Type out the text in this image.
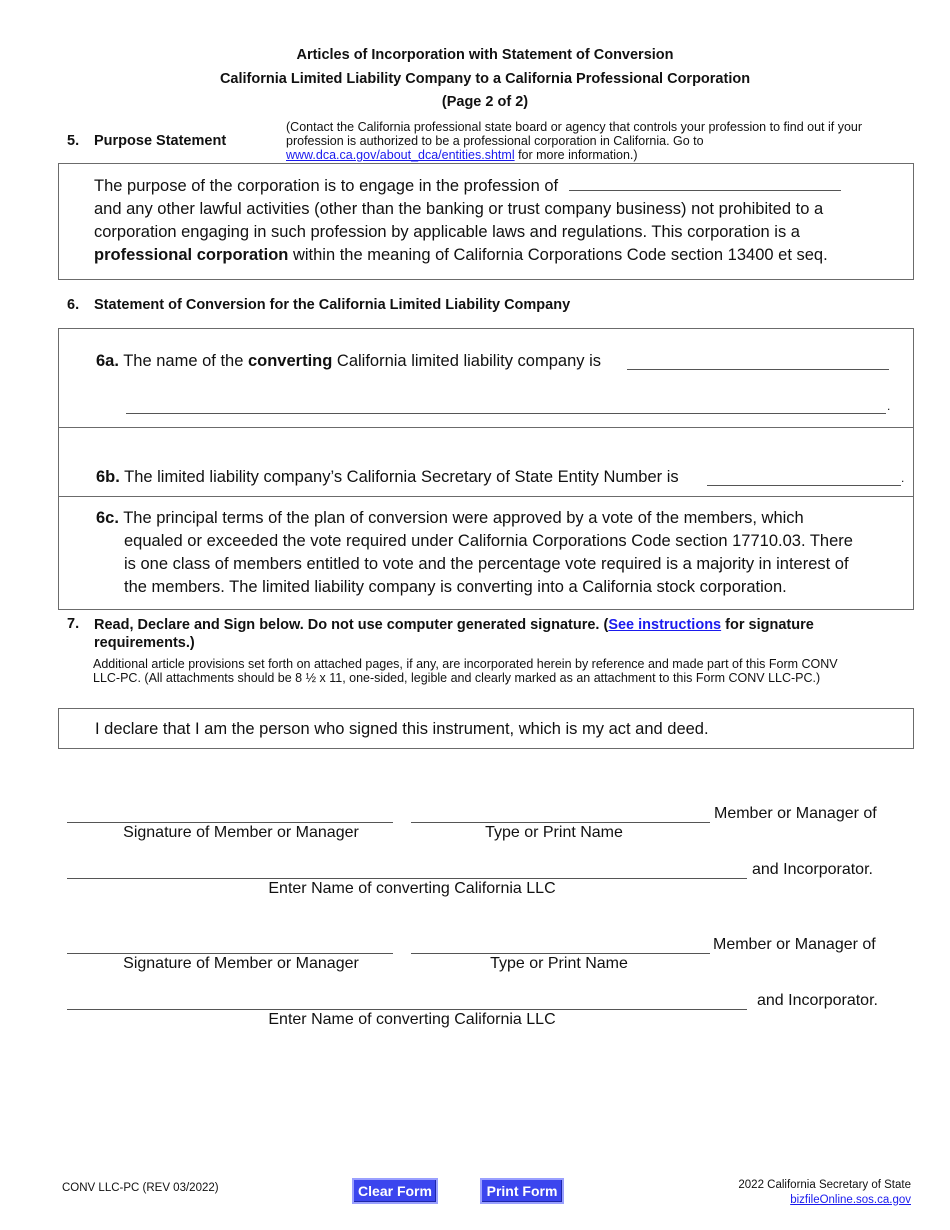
Articles of Incorporation with Statement of Conversion
California Limited Liability Company to a California Professional Corporation
(Page 2 of 2)
5. Purpose Statement
(Contact the California professional state board or agency that controls your profession to find out if your
profession is authorized to be a professional corporation in California. Go to
www.dca.ca.gov/about_dca/entities.shtml for more information.)
The purpose of the corporation is to engage in the profession of
and any other lawful activities (other than the banking or trust company business) not prohibited to a
corporation engaging in such profession by applicable laws and regulations. This corporation is a
professional corporation within the meaning of California Corporations Code section 13400 et seq.
6. Statement of Conversion for the California Limited Liability Company
6a. The name of the converting California limited liability company is
.
6b. The limited liability company’s California Secretary of State Entity Number is	.
6c. The principal terms of the plan of conversion were approved by a vote of the members, which
equaled or exceeded the vote required under California Corporations Code section 17710.03. There
is one class of members entitled to vote and the percentage vote required is a majority in interest of
the members. The limited liability company is converting into a California stock corporation.
7. Read, Declare and Sign below. Do not use computer generated signature. (See instructions for signature
requirements.)
Additional article provisions set forth on attached pages, if any, are incorporated herein by reference and made part of this Form CONV
LLC-PC. (All attachments should be 8 ½ x 11, one-sided, legible and clearly marked as an attachment to this Form CONV LLC-PC.)
I declare that I am the person who signed this instrument, which is my act and deed.
Member or Manager of
Signature of Member or Manager	Type or Print Name
and Incorporator.
Enter Name of converting California LLC
Member or Manager of
Signature of Member or Manager	Type or Print Name
and Incorporator.
Enter Name of converting California LLC
CONV LLC-PC (REV 03/2022)	Clear Form	Print Form	2022 California Secretary of State
bizfileOnline.sos.ca.gov
